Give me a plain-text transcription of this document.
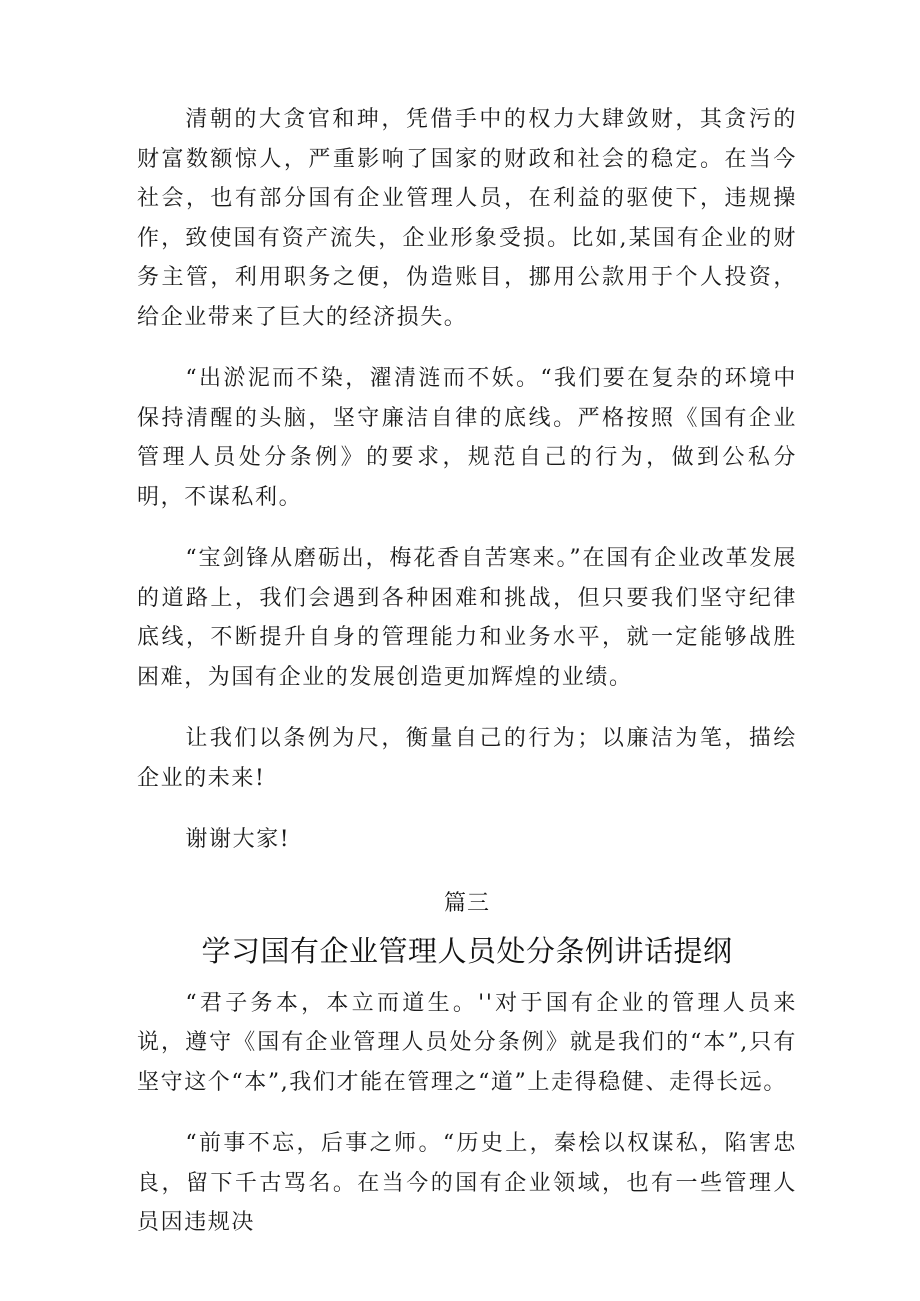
清朝的大贪官和珅，凭借手中的权力大肆敛财，其贪污的财富数额惊人，严重影响了国家的财政和社会的稳定。在当今社会，也有部分国有企业管理人员，在利益的驱使下，违规操作，致使国有资产流失，企业形象受损。比如,某国有企业的财务主管，利用职务之便，伪造账目，挪用公款用于个人投资，给企业带来了巨大的经济损失。

“出淤泥而不染，濯清涟而不妖。“我们要在复杂的环境中保持清醒的头脑，坚守廉洁自律的底线。严格按照《国有企业管理人员处分条例》的要求，规范自己的行为，做到公私分明，不谋私利。

“宝剑锋从磨砺出，梅花香自苦寒来。”在国有企业改革发展的道路上，我们会遇到各种困难和挑战，但只要我们坚守纪律底线，不断提升自身的管理能力和业务水平，就一定能够战胜困难，为国有企业的发展创造更加辉煌的业绩。

让我们以条例为尺，衡量自己的行为；以廉洁为笔，描绘企业的未来!

谢谢大家!

篇三
学习国有企业管理人员处分条例讲话提纲

“君子务本，本立而道生。''对于国有企业的管理人员来说，遵守《国有企业管理人员处分条例》就是我们的“本”,只有坚守这个“本”,我们才能在管理之“道”上走得稳健、走得长远。

“前事不忘，后事之师。“历史上，秦桧以权谋私，陷害忠良，留下千古骂名。在当今的国有企业领域，也有一些管理人员因违规决
